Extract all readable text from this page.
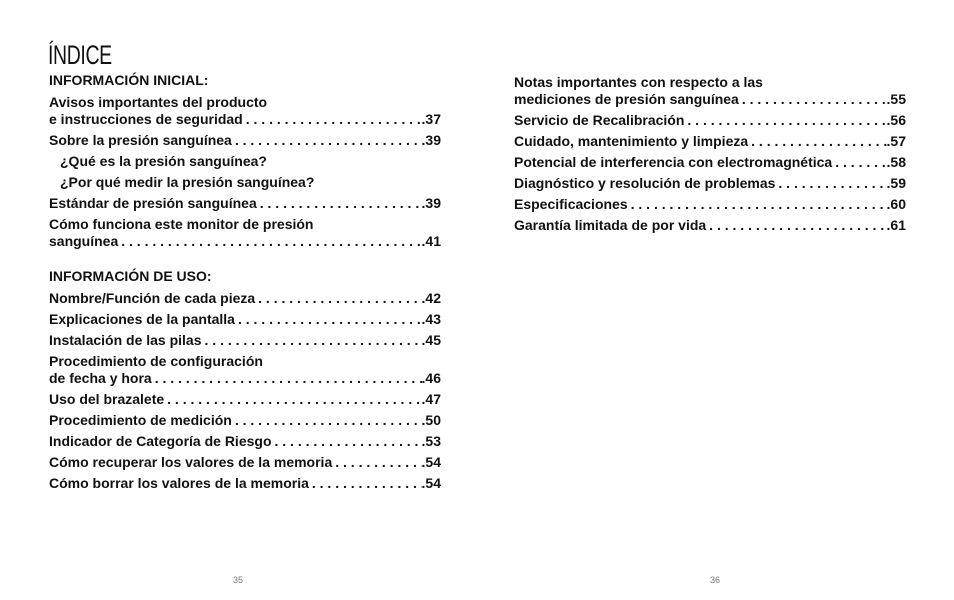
ÍNDICE
INFORMACIÓN INICIAL:
Avisos importantes del producto
e instrucciones de seguridad . . .	.37
Sobre la presión sanguínea . . .	.39
¿Qué es la presión sanguínea?
¿Por qué medir la presión sanguínea?
Estándar de presión sanguínea . . .	.39
Cómo funciona este monitor de presión
sanguínea . . .	.41
INFORMACIÓN DE USO:
Nombre/Función de cada pieza . . .	.42
Explicaciones de la pantalla . . .	.43
Instalación de las pilas . . .	.45
Procedimiento de configuración
de fecha y hora . . .	.46
Uso del brazalete . . .	.47
Procedimiento de medición . . .	.50
Indicador de Categoría de Riesgo . . .	.53
Cómo recuperar los valores de la memoria . . .	.54
Cómo borrar los valores de la memoria . . .	.54
Notas importantes con respecto a las
mediciones de presión sanguínea . . .	.55
Servicio de Recalibración . . .	.56
Cuidado, mantenimiento y limpieza . . .	.57
Potencial de interferencia con electromagnética . . .	.58
Diagnóstico y resolución de problemas . . .	.59
Especificaciones . . .	.60
Garantía limitada de por vida . . .	.61
35	36
